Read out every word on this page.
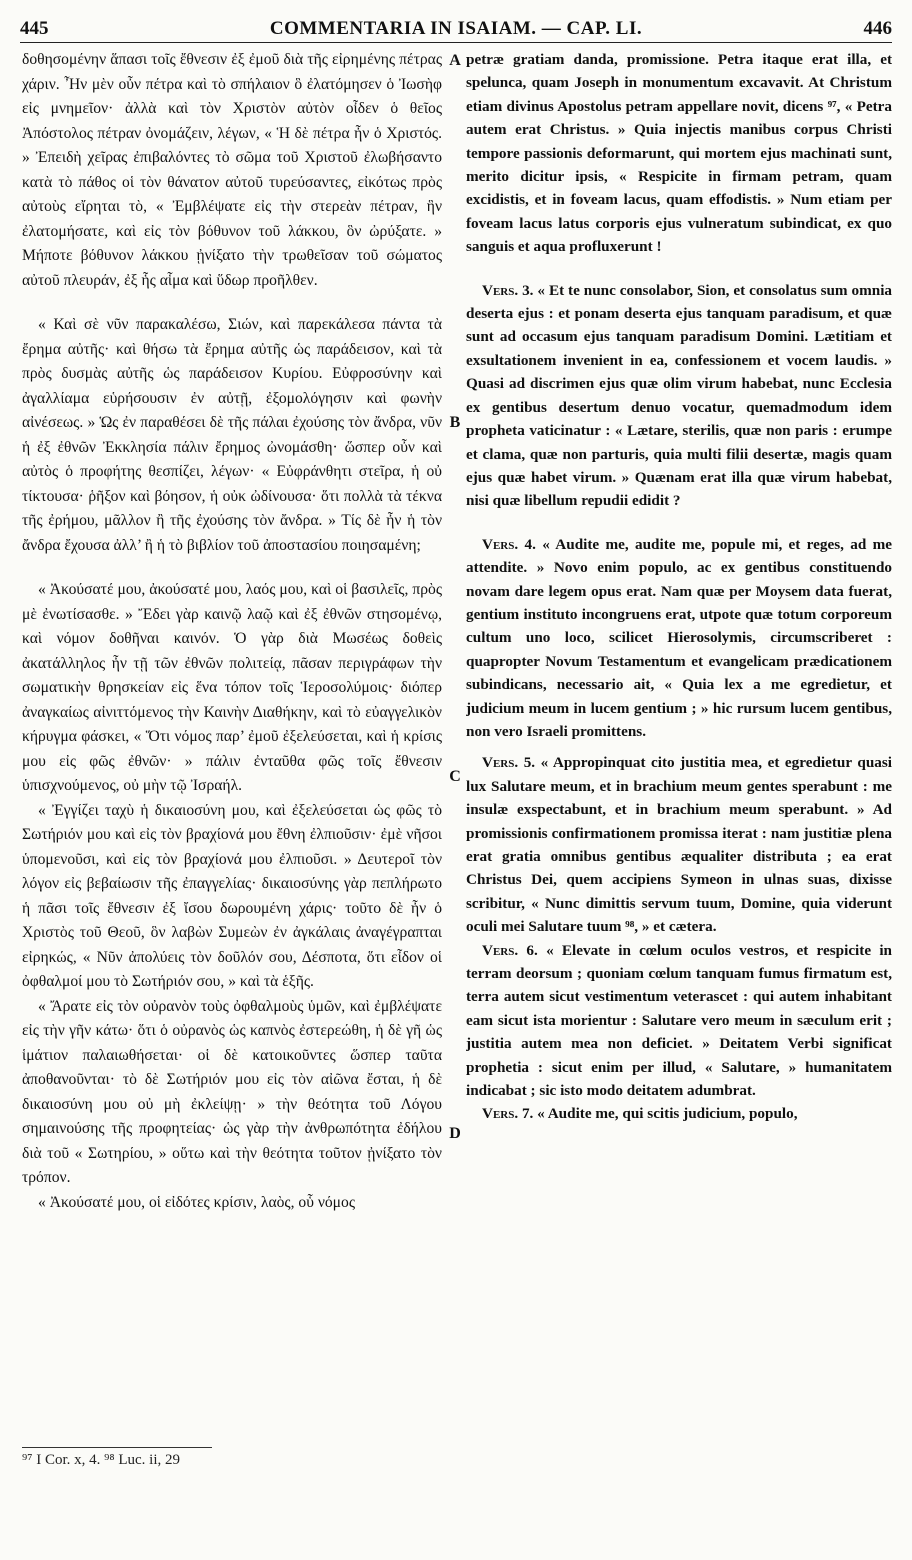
445	COMMENTARIA IN ISAIAM. — CAP. LI.	446

δοθησομένην ἅπασι τοῖς ἔθνεσιν ἐξ ἐμοῦ διὰ τῆς εἰρημένης πέτρας χάριν. Ἦν μὲν οὖν πέτρα καὶ τὸ σπήλαιον ὃ ἐλατόμησεν ὁ Ἰωσὴφ εἰς μνημεῖον· ἀλλὰ καὶ τὸν Χριστὸν αὐτὸν οἶδεν ὁ θεῖος Ἀπόστολος πέτραν ὀνομάζειν, λέγων, « Ἡ δὲ πέτρα ἦν ὁ Χριστός. » Ἐπειδὴ χεῖρας ἐπιβαλόντες τὸ σῶμα τοῦ Χριστοῦ ἐλωβήσαντο κατὰ τὸ πάθος οἱ τὸν θάνατον αὐτοῦ τυρεύσαντες, εἰκότως πρὸς αὐτοὺς εἴρηται τὸ, « Ἐμβλέψατε εἰς τὴν στερεὰν πέτραν, ἣν ἐλατομήσατε, καὶ εἰς τὸν βόθυνον τοῦ λάκκου, ὃν ὠρύξατε. » Μήποτε βόθυνον λάκκου ᾐνίξατο τὴν τρωθεῖσαν τοῦ σώματος αὐτοῦ πλευράν, ἐξ ἧς αἷμα καὶ ὕδωρ προῆλθεν.

« Καὶ σὲ νῦν παρακαλέσω, Σιών, καὶ παρεκάλεσα πάντα τὰ ἔρημα αὐτῆς· καὶ θήσω τὰ ἔρημα αὐτῆς ὡς παράδεισον, καὶ τὰ πρὸς δυσμὰς αὐτῆς ὡς παράδεισον Κυρίου. Εὐφροσύνην καὶ ἀγαλλίαμα εὑρήσουσιν ἐν αὐτῇ, ἐξομολόγησιν καὶ φωνὴν αἰνέσεως. » Ὡς ἐν παραθέσει δὲ τῆς πάλαι ἐχούσης τὸν ἄνδρα, νῦν ἡ ἐξ ἐθνῶν Ἐκκλησία πάλιν ἔρημος ὠνομάσθη· ὥσπερ οὖν καὶ αὐτὸς ὁ προφήτης θεσπίζει, λέγων· « Εὐφράνθητι στεῖρα, ἡ οὐ τίκτουσα· ῥῆξον καὶ βόησον, ἡ οὐκ ὠδίνουσα· ὅτι πολλὰ τὰ τέκνα τῆς ἐρήμου, μᾶλλον ἢ τῆς ἐχούσης τὸν ἄνδρα. » Τίς δὲ ἦν ἡ τὸν ἄνδρα ἔχουσα ἀλλ’ ἢ ἡ τὸ βιβλίον τοῦ ἀποστασίου ποιησαμένη;

« Ἀκούσατέ μου, ἀκούσατέ μου, λαός μου, καὶ οἱ βασιλεῖς, πρὸς μὲ ἐνωτίσασθε. » Ἔδει γὰρ καινῷ λαῷ καὶ ἐξ ἐθνῶν στησομένῳ, καὶ νόμον δοθῆναι καινόν. Ὁ γὰρ διὰ Μωσέως δοθεὶς ἀκατάλληλος ἦν τῇ τῶν ἐθνῶν πολιτείᾳ, πᾶσαν περιγράφων τὴν σωματικὴν θρησκείαν εἰς ἕνα τόπον τοῖς Ἱεροσολύμοις· διόπερ ἀναγκαίως αἰνιττόμενος τὴν Καινὴν Διαθήκην, καὶ τὸ εὐαγγελικὸν κήρυγμα φάσκει, « Ὅτι νόμος παρ’ ἐμοῦ ἐξελεύσεται, καὶ ἡ κρίσις μου εἰς φῶς ἐθνῶν· » πάλιν ἐνταῦθα φῶς τοῖς ἔθνεσιν ὑπισχνούμενος, οὐ μὴν τῷ Ἰσραήλ.

« Ἐγγίζει ταχὺ ἡ δικαιοσύνη μου, καὶ ἐξελεύσεται ὡς φῶς τὸ Σωτήριόν μου καὶ εἰς τὸν βραχίονά μου ἔθνη ἐλπιοῦσιν· ἐμὲ νῆσοι ὑπομενοῦσι, καὶ εἰς τὸν βραχίονά μου ἐλπιοῦσι. » Δευτεροῖ τὸν λόγον εἰς βεβαίωσιν τῆς ἐπαγγελίας· δικαιοσύνης γὰρ πεπλήρωτο ἡ πᾶσι τοῖς ἔθνεσιν ἐξ ἴσου δωρουμένη χάρις· τοῦτο δὲ ἦν ὁ Χριστὸς τοῦ Θεοῦ, ὃν λαβὼν Συμεὼν ἐν ἀγκάλαις ἀναγέγραπται εἰρηκώς, « Νῦν ἀπολύεις τὸν δοῦλόν σου, Δέσποτα, ὅτι εἶδον οἱ ὀφθαλμοί μου τὸ Σωτήριόν σου, » καὶ τὰ ἑξῆς.

« Ἄρατε εἰς τὸν οὐρανὸν τοὺς ὀφθαλμοὺς ὑμῶν, καὶ ἐμβλέψατε εἰς τὴν γῆν κάτω· ὅτι ὁ οὐρανὸς ὡς καπνὸς ἐστερεώθη, ἡ δὲ γῆ ὡς ἱμάτιον παλαιωθήσεται· οἱ δὲ κατοικοῦντες ὥσπερ ταῦτα ἀποθανοῦνται· τὸ δὲ Σωτήριόν μου εἰς τὸν αἰῶνα ἔσται, ἡ δὲ δικαιοσύνη μου οὐ μὴ ἐκλείψῃ· » τὴν θεότητα τοῦ Λόγου σημαινούσης τῆς προφητείας· ὡς γὰρ τὴν ἀνθρωπότητα ἐδήλου διὰ τοῦ « Σωτηρίου, » οὕτω καὶ τὴν θεότητα τοῦτον ᾐνίξατο τὸν τρόπον.

« Ἀκούσατέ μου, οἱ εἰδότες κρίσιν, λαὸς, οὗ νόμος

A
B
C
D

petræ gratiam danda, promissione. Petra itaque erat illa, et spelunca, quam Joseph in monumentum excavavit. At Christum etiam divinus Apostolus petram appellare novit, dicens ⁹⁷, « Petra autem erat Christus. » Quia injectis manibus corpus Christi tempore passionis deformarunt, qui mortem ejus machinati sunt, merito dicitur ipsis, « Respicite in firmam petram, quam excidistis, et in foveam lacus, quam effodistis. » Num etiam per foveam lacus latus corporis ejus vulneratum subindicat, ex quo sanguis et aqua profluxerunt !

Vers. 3. « Et te nunc consolabor, Sion, et consolatus sum omnia deserta ejus : et ponam deserta ejus tanquam paradisum, et quæ sunt ad occasum ejus tanquam paradisum Domini. Lætitiam et exsultationem invenient in ea, confessionem et vocem laudis. » Quasi ad discrimen ejus quæ olim virum habebat, nunc Ecclesia ex gentibus desertum denuo vocatur, quemadmodum idem propheta vaticinatur : « Lætare, sterilis, quæ non paris : erumpe et clama, quæ non parturis, quia multi filii desertæ, magis quam ejus quæ habet virum. » Quænam erat illa quæ virum habebat, nisi quæ libellum repudii edidit ?

Vers. 4. « Audite me, audite me, popule mi, et reges, ad me attendite. » Novo enim populo, ac ex gentibus constituendo novam dare legem opus erat. Nam quæ per Moysem data fuerat, gentium instituto incongruens erat, utpote quæ totum corporeum cultum uno loco, scilicet Hierosolymis, circumscriberet : quapropter Novum Testamentum et evangelicam prædicationem subindicans, necessario ait, « Quia lex a me egredietur, et judicium meum in lucem gentium ; » hic rursum lucem gentibus, non vero Israeli promittens.

Vers. 5. « Appropinquat cito justitia mea, et egredietur quasi lux Salutare meum, et in brachium meum gentes sperabunt : me insulæ exspectabunt, et in brachium meum sperabunt. » Ad promissionis confirmationem promissa iterat : nam justitiæ plena erat gratia omnibus gentibus æqualiter distributa ; ea erat Christus Dei, quem accipiens Symeon in ulnas suas, dixisse scribitur, « Nunc dimittis servum tuum, Domine, quia viderunt oculi mei Salutare tuum ⁹⁸, » et cætera.

Vers. 6. « Elevate in cœlum oculos vestros, et respicite in terram deorsum ; quoniam cœlum tanquam fumus firmatum est, terra autem sicut vestimentum veterascet : qui autem inhabitant eam sicut ista morientur : Salutare vero meum in sæculum erit ; justitia autem mea non deficiet. » Deitatem Verbi significat prophetia : sicut enim per illud, « Salutare, » humanitatem indicabat ; sic isto modo deitatem adumbrat.

Vers. 7. « Audite me, qui scitis judicium, populo,

⁹⁷ I Cor. x, 4. ⁹⁸ Luc. ii, 29
